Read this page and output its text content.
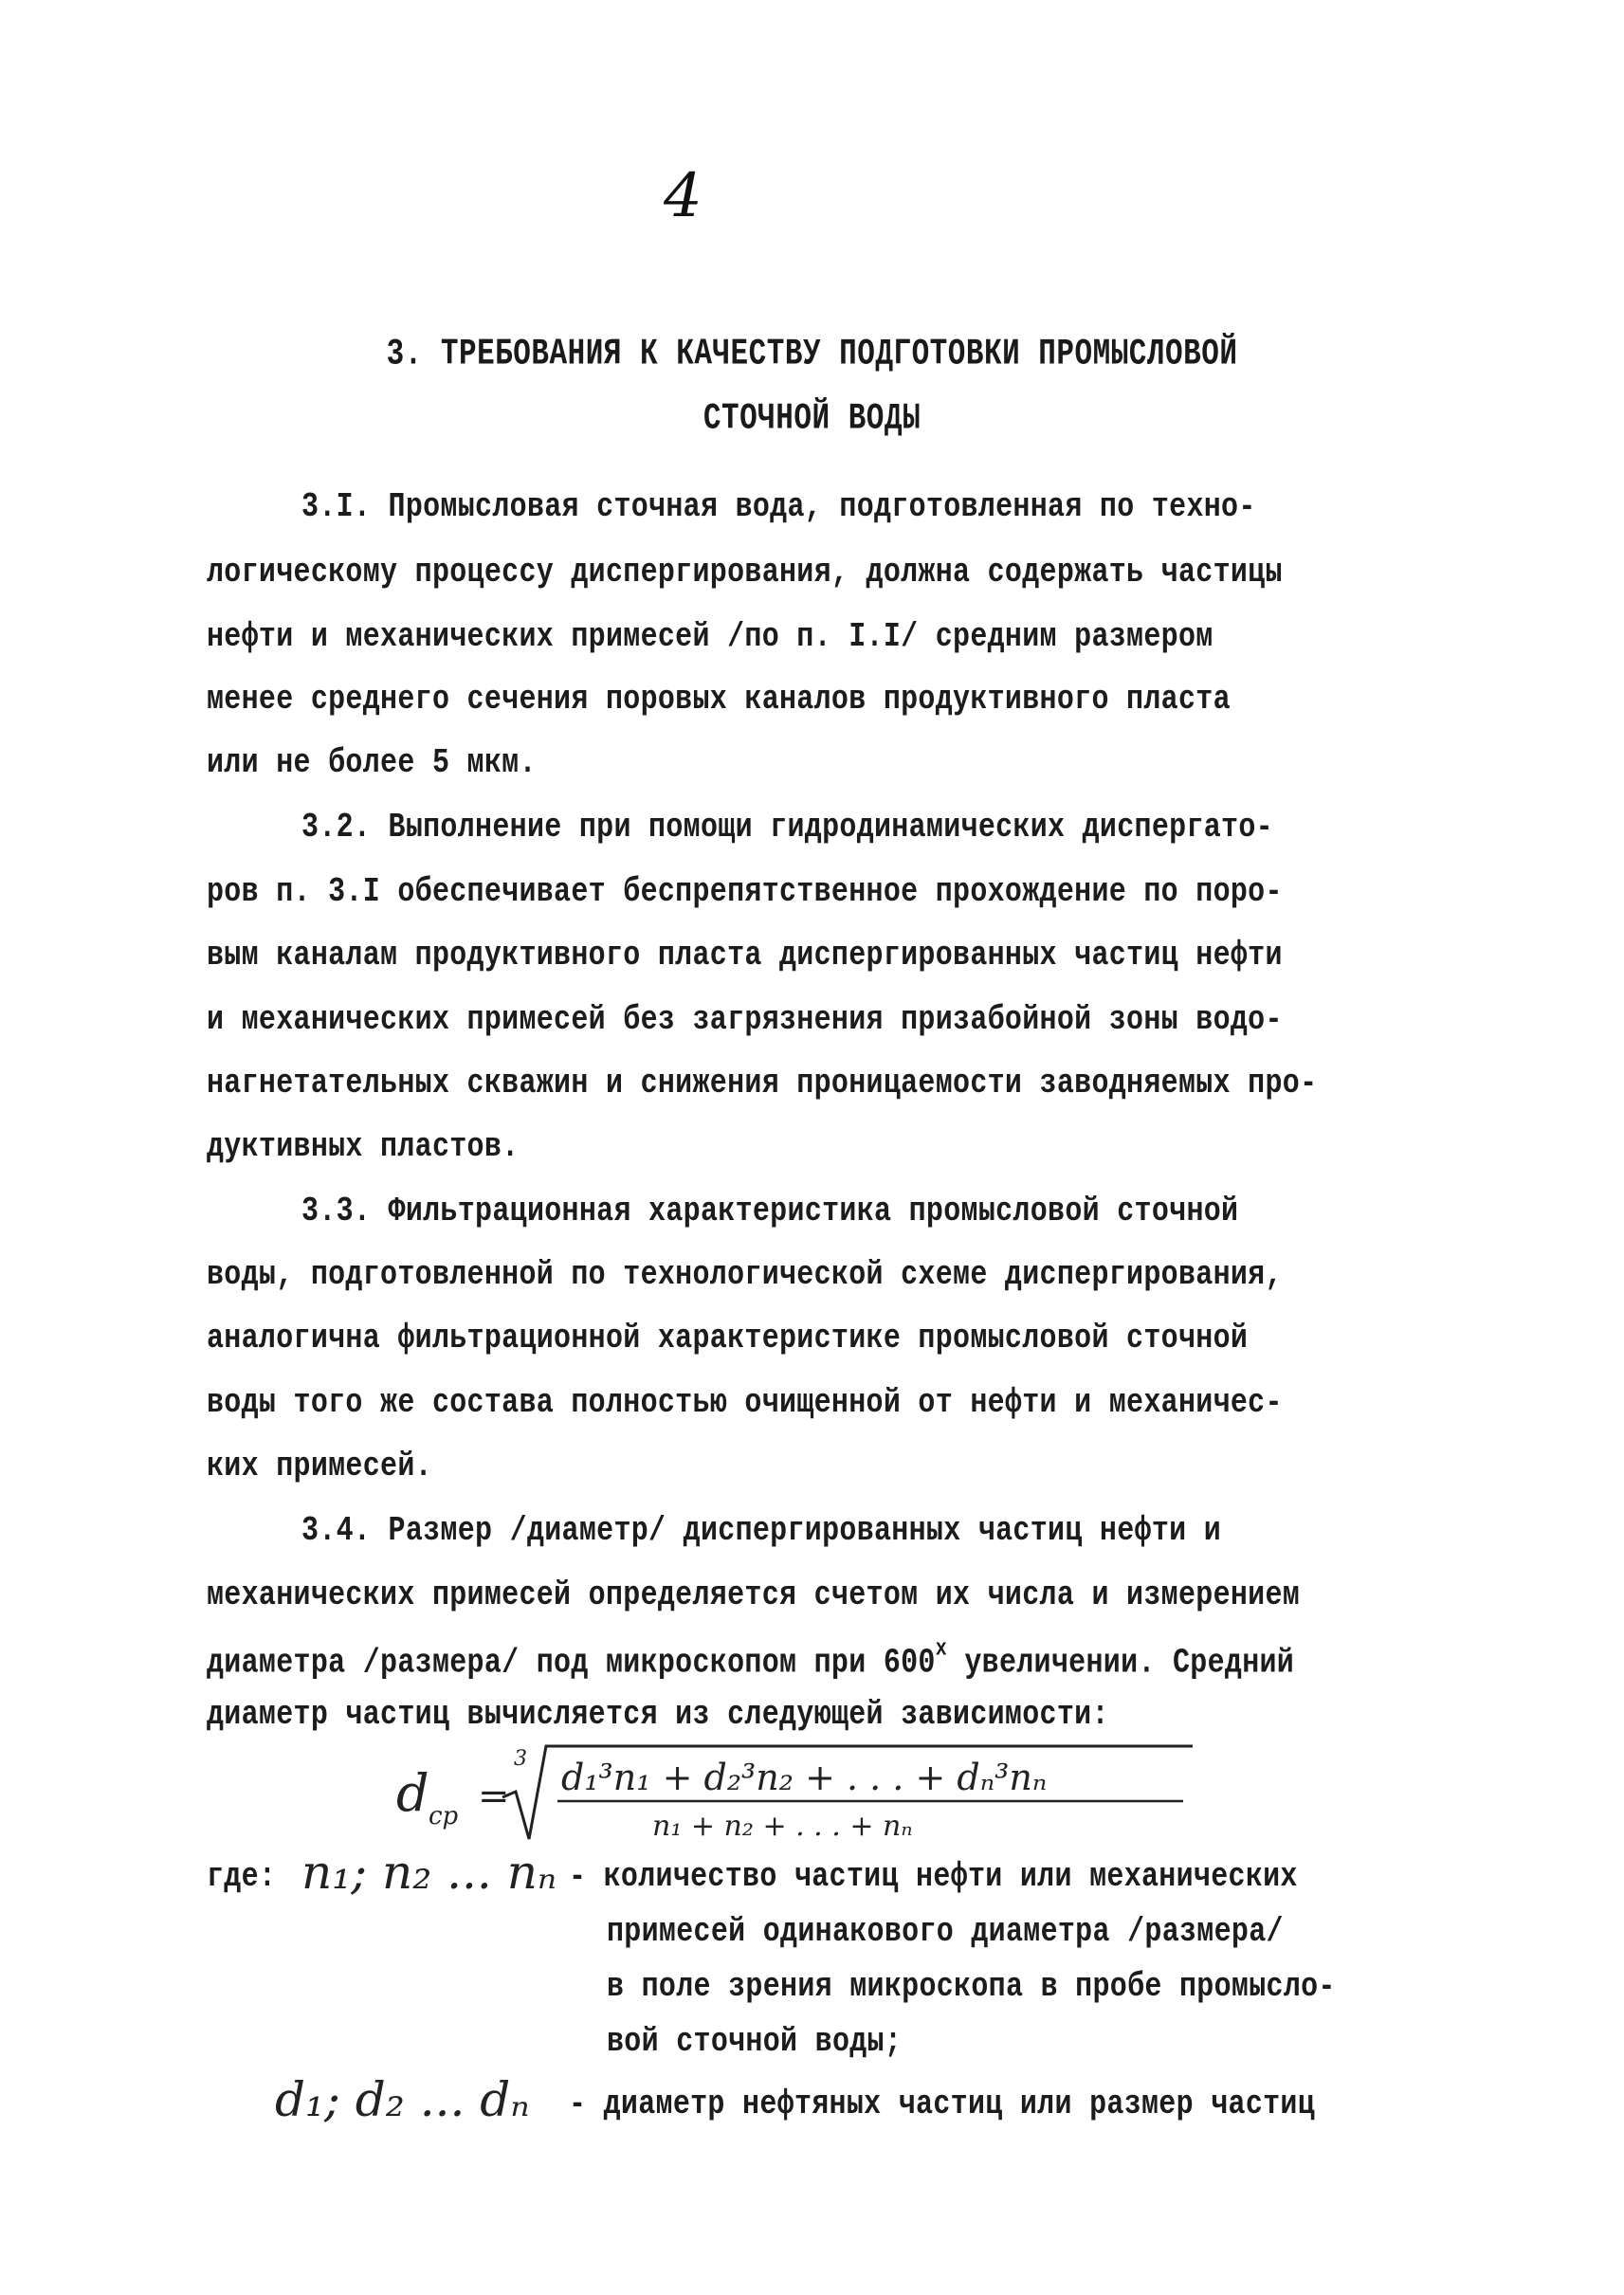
4
3. ТРЕБОВАНИЯ К КАЧЕСТВУ ПОДГОТОВКИ ПРОМЫСЛОВОЙ
СТОЧНОЙ ВОДЫ
3.I. Промысловая сточная вода, подготовленная по техно-
логическому процессу диспергирования, должна содержать частицы
нефти и механических примесей /по п. I.I/ средним размером
менее среднего сечения поровых каналов продуктивного пласта
или не более 5 мкм.
3.2. Выполнение при помощи гидродинамических диспергато-
ров п. 3.I обеспечивает беспрепятственное прохождение по поро-
вым каналам продуктивного пласта диспергированных частиц нефти
и механических примесей без загрязнения призабойной зоны водо-
нагнетательных скважин и снижения проницаемости заводняемых про-
дуктивных пластов.
3.3. Фильтрационная характеристика промысловой сточной
воды, подготовленной по технологической схеме диспергирования,
аналогична фильтрационной характеристике промысловой сточной
воды того же состава полностью очищенной от нефти и механичес-
ких примесей.
3.4. Размер /диаметр/ диспергированных частиц нефти и
механических примесей определяется счетом их числа и измерением
диаметра /размера/ под микроскопом при $600^х$ увеличении. Средний
диаметр частиц вычисляется из следующей зависимости:
d ср =
3 d₁³n₁ + d₂³n₂ + . . . + dₙ³nₙ
n₁ + n₂ + . . . + nₙ
где: n₁; n₂ ... nₙ - количество частиц нефти или механических
примесей одинакового диаметра /размера/
в поле зрения микроскопа в пробе промысло-
вой сточной воды;
d₁; d₂ ... dₙ - диаметр нефтяных частиц или размер частиц
